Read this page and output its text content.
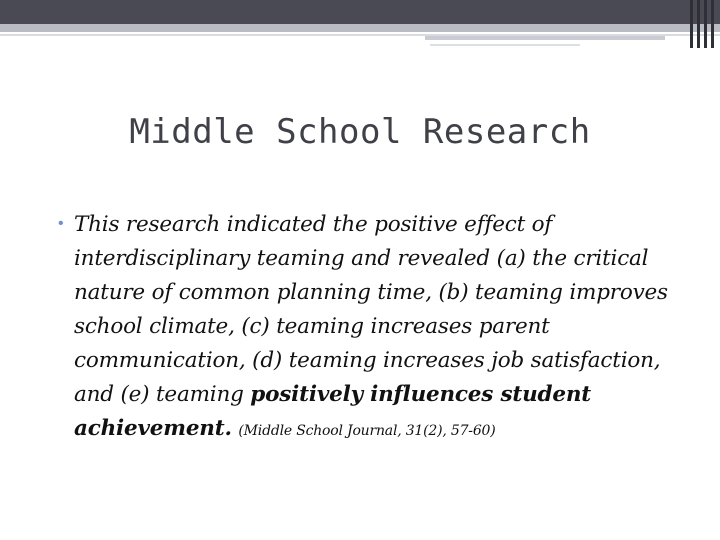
Middle School Research
• This research indicated the positive effect of interdisciplinary teaming and revealed (a) the critical nature of common planning time, (b) teaming improves school climate, (c) teaming increases parent communication, (d) teaming increases job satisfaction, and (e) teaming positively influences student achievement. (Middle School Journal, 31(2), 57-60)
